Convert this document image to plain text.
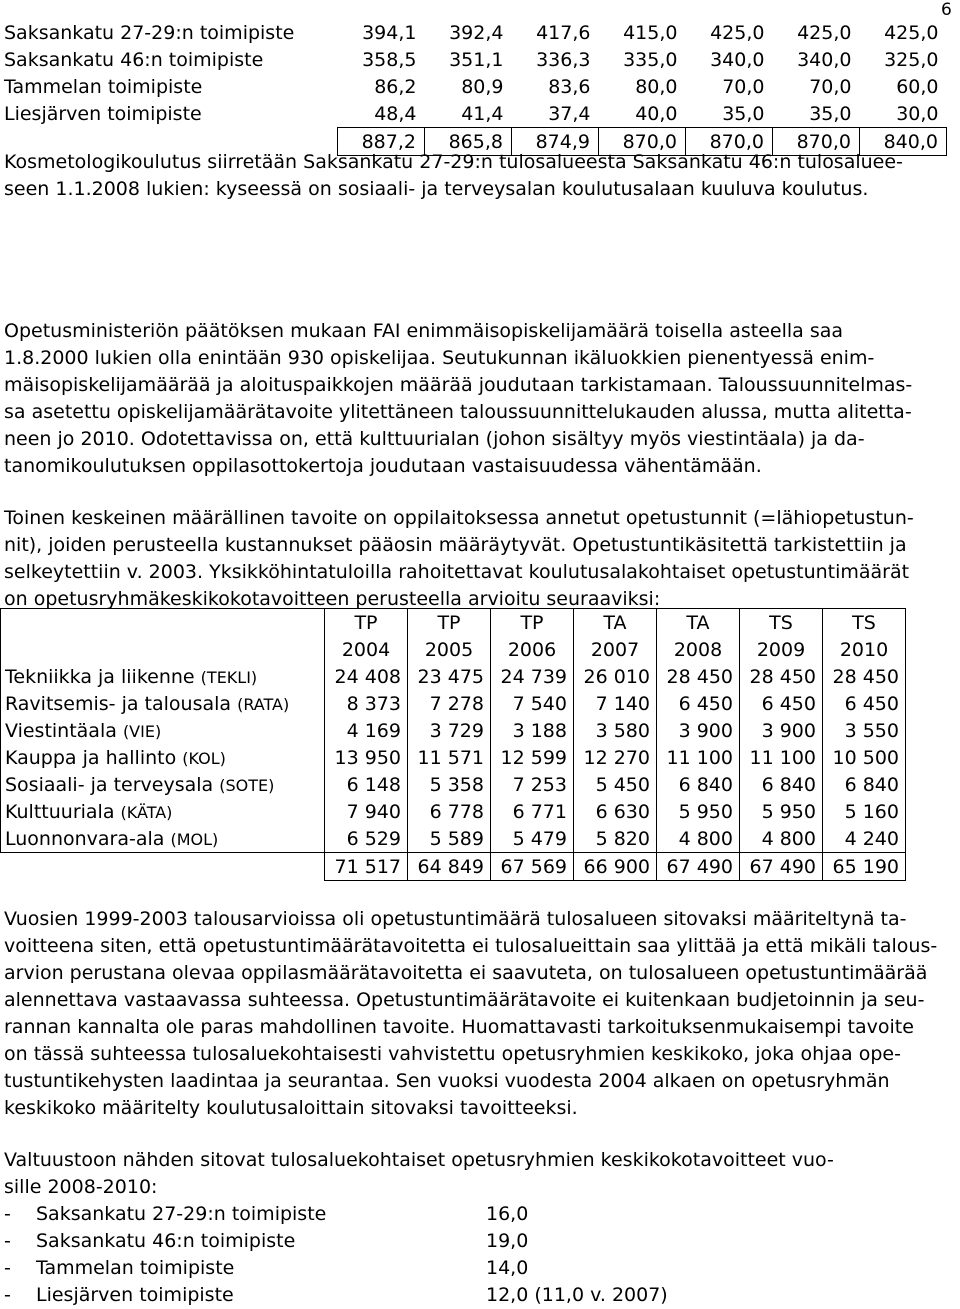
6
Saksankatu 27-29:n toimipiste	394,1	392,4	417,6	415,0	425,0	425,0	425,0
Saksankatu 46:n toimipiste	358,5	351,1	336,3	335,0	340,0	340,0	325,0
Tammelan toimipiste	86,2	80,9	83,6	80,0	70,0	70,0	60,0
Liesjärven toimipiste	48,4	41,4	37,4	40,0	35,0	35,0	30,0
	887,2	865,8	874,9	870,0	870,0	870,0	840,0
Kosmetologikoulutus siirretään Saksankatu 27-29:n tulosalueesta Saksankatu 46:n tulosaluee-
seen 1.1.2008 lukien: kyseessä on sosiaali- ja terveysalan koulutusalaan kuuluva koulutus.
Opetusministeriön päätöksen mukaan FAI enimmäisopiskelijamäärä toisella asteella saa
1.8.2000 lukien olla enintään 930 opiskelijaa. Seutukunnan ikäluokkien pienentyessä enim-
mäisopiskelijamäärää ja aloituspaikkojen määrää joudutaan tarkistamaan. Taloussuunnitelmas-
sa asetettu opiskelijamäärätavoite ylitettäneen taloussuunnittelukauden alussa, mutta alitetta-
neen jo 2010. Odotettavissa on, että kulttuurialan (johon sisältyy myös viestintäala) ja da-
tanomikoulutuksen oppilasottokertoja joudutaan vastaisuudessa vähentämään.
Toinen keskeinen määrällinen tavoite on oppilaitoksessa annetut opetustunnit (=lähiopetustun-
nit), joiden perusteella kustannukset pääosin määräytyvät. Opetustuntikäsitettä tarkistettiin ja
selkeytettiin v. 2003. Yksikköhintatuloilla rahoitettavat koulutusalakohtaiset opetustuntimäärät
on opetusryhmäkeskikokotavoitteen perusteella arvioitu seuraaviksi:
	TP	TP	TP	TA	TA	TS	TS
	2004	2005	2006	2007	2008	2009	2010
Tekniikka ja liikenne (TEKLI)	24 408	23 475	24 739	26 010	28 450	28 450	28 450
Ravitsemis- ja talousala (RATA)	8 373	7 278	7 540	7 140	6 450	6 450	6 450
Viestintäala (VIE)	4 169	3 729	3 188	3 580	3 900	3 900	3 550
Kauppa ja hallinto (KOL)	13 950	11 571	12 599	12 270	11 100	11 100	10 500
Sosiaali- ja terveysala (SOTE)	6 148	5 358	7 253	5 450	6 840	6 840	6 840
Kulttuuriala (KÄTA)	7 940	6 778	6 771	6 630	5 950	5 950	5 160
Luonnonvara-ala (MOL)	6 529	5 589	5 479	5 820	4 800	4 800	4 240
	71 517	64 849	67 569	66 900	67 490	67 490	65 190
Vuosien 1999-2003 talousarvioissa oli opetustuntimäärä tulosalueen sitovaksi määriteltynä ta-
voitteena siten, että opetustuntimäärätavoitetta ei tulosalueittain saa ylittää ja että mikäli talous-
arvion perustana olevaa oppilasmäärätavoitetta ei saavuteta, on tulosalueen opetustuntimäärää
alennettava vastaavassa suhteessa. Opetustuntimäärätavoite ei kuitenkaan budjetoinnin ja seu-
rannan kannalta ole paras mahdollinen tavoite. Huomattavasti tarkoituksenmukaisempi tavoite
on tässä suhteessa tulosaluekohtaisesti vahvistettu opetusryhmien keskikoko, joka ohjaa ope-
tustuntikehysten laadintaa ja seurantaa. Sen vuoksi vuodesta 2004 alkaen on opetusryhmän
keskikoko määritelty koulutusaloittain sitovaksi tavoitteeksi.
Valtuustoon nähden sitovat tulosaluekohtaiset opetusryhmien keskikokotavoitteet vuo-
sille 2008-2010:
- Saksankatu 27-29:n toimipiste	16,0
- Saksankatu 46:n toimipiste	19,0
- Tammelan toimipiste	14,0
- Liesjärven toimipiste	12,0 (11,0 v. 2007)
